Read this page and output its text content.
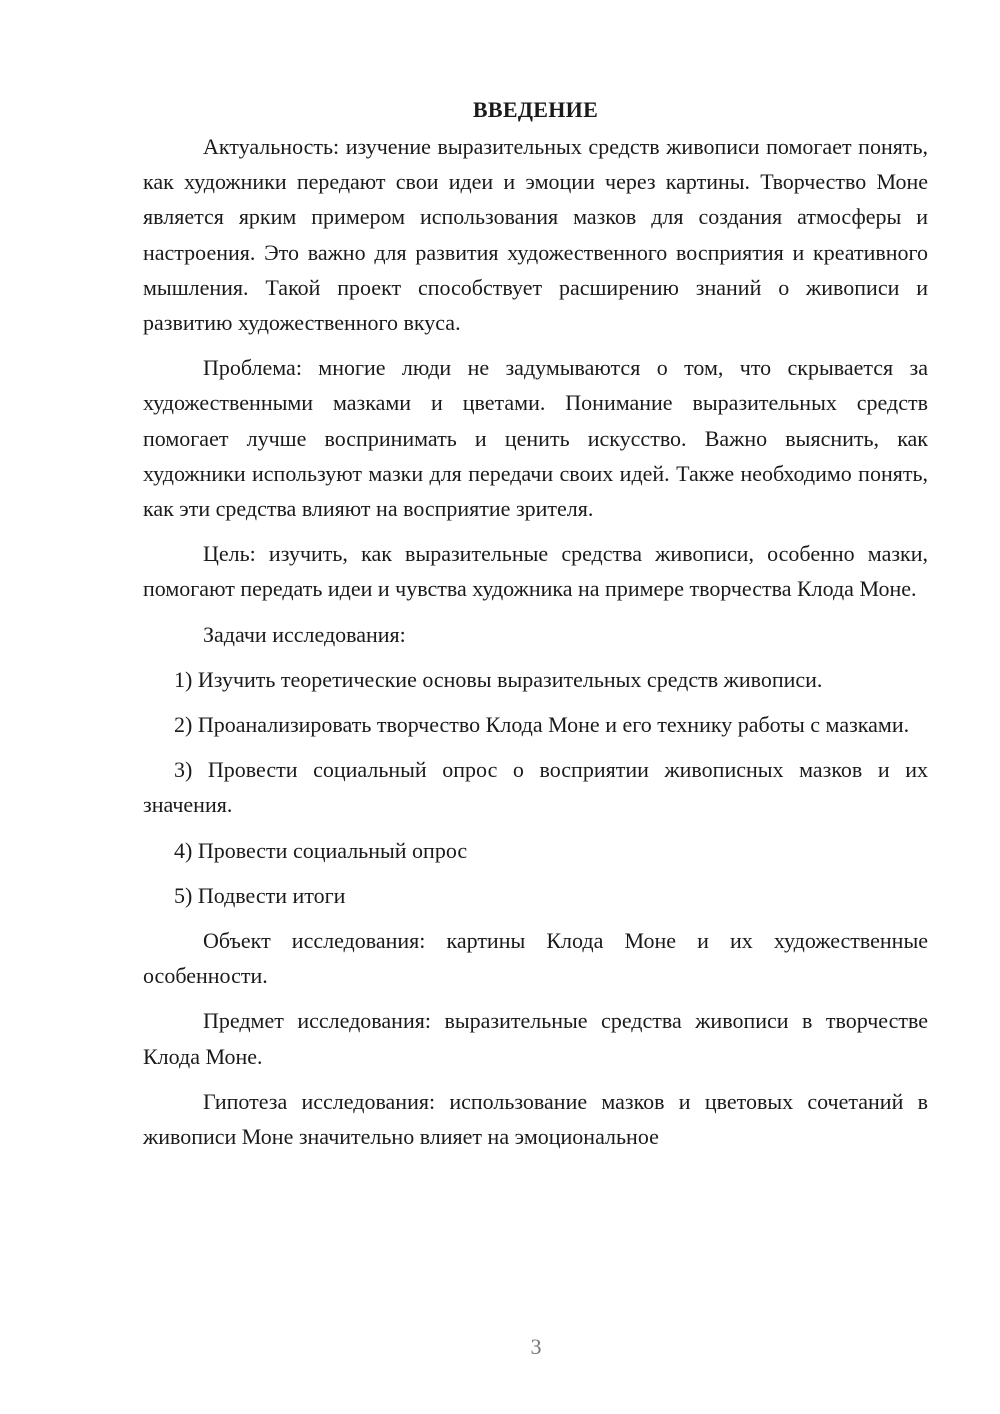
ВВЕДЕНИЕ

Актуальность: изучение выразительных средств живописи помогает понять, как художники передают свои идеи и эмоции через картины. Творчество Моне является ярким примером использования мазков для создания атмосферы и настроения. Это важно для развития художественного восприятия и креативного мышления. Такой проект способствует расширению знаний о живописи и развитию художественного вкуса.

Проблема: многие люди не задумываются о том, что скрывается за художественными мазками и цветами. Понимание выразительных средств помогает лучше воспринимать и ценить искусство. Важно выяснить, как художники используют мазки для передачи своих идей. Также необходимо понять, как эти средства влияют на восприятие зрителя.

Цель: изучить, как выразительные средства живописи, особенно мазки, помогают передать идеи и чувства художника на примере творчества Клода Моне.

Задачи исследования:

1) Изучить теоретические основы выразительных средств живописи.

2) Проанализировать творчество Клода Моне и его технику работы с мазками.

3) Провести социальный опрос о восприятии живописных мазков и их значения.

4) Провести социальный опрос

5) Подвести итоги

Объект исследования: картины Клода Моне и их художественные особенности.

Предмет исследования: выразительные средства живописи в творчестве Клода Моне.

Гипотеза исследования: использование мазков и цветовых сочетаний в живописи Моне значительно влияет на эмоциональное

3
